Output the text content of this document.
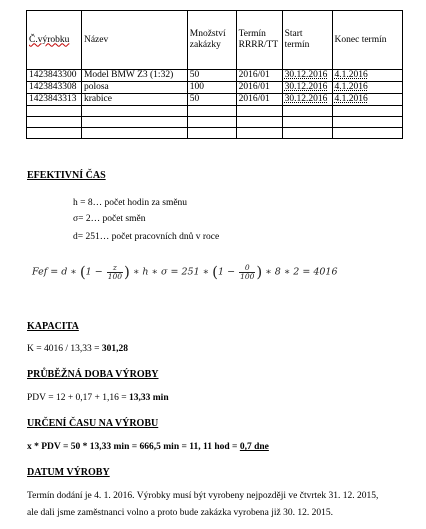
Č.výrobku	Název	Množství zakázky	Termín RRRR/TT	Start termín	Konec termín
1423843300	Model BMW Z3 (1:32)	50	2016/01	30.12.2016	4.1.2016
1423843308	polosa	100	2016/01	30.12.2016	4.1.2016
1423843313	krabice	50	2016/01	30.12.2016	4.1.2016

EFEKTIVNÍ ČAS
h = 8… počet hodin za směnu
σ= 2… počet směn
d= 251… počet pracovních dnů v roce
Fef = d ∗ ($1 - \frac{z}{100}$ ) ∗ h ∗ σ = 251 ∗ ($1 - \frac{0}{100}$ ) ∗ 8 ∗ 2 = 4016
KAPACITA
K = 4016 / 13,33 = 301,28
PRŮBĚŽNÁ DOBA VÝROBY
PDV = 12 + 0,17 + 1,16 = 13,33 min
URČENÍ ČASU NA VÝROBU
x * PDV = 50 * 13,33 min = 666,5 min = 11, 11 hod = 0,7 dne
DATUM VÝROBY
Termín dodání je 4. 1. 2016. Výrobky musí být vyrobeny nejpozději ve čtvrtek 31. 12. 2015,
ale dali jsme zaměstnanci volno a proto bude zakázka vyrobena již 30. 12. 2015.
